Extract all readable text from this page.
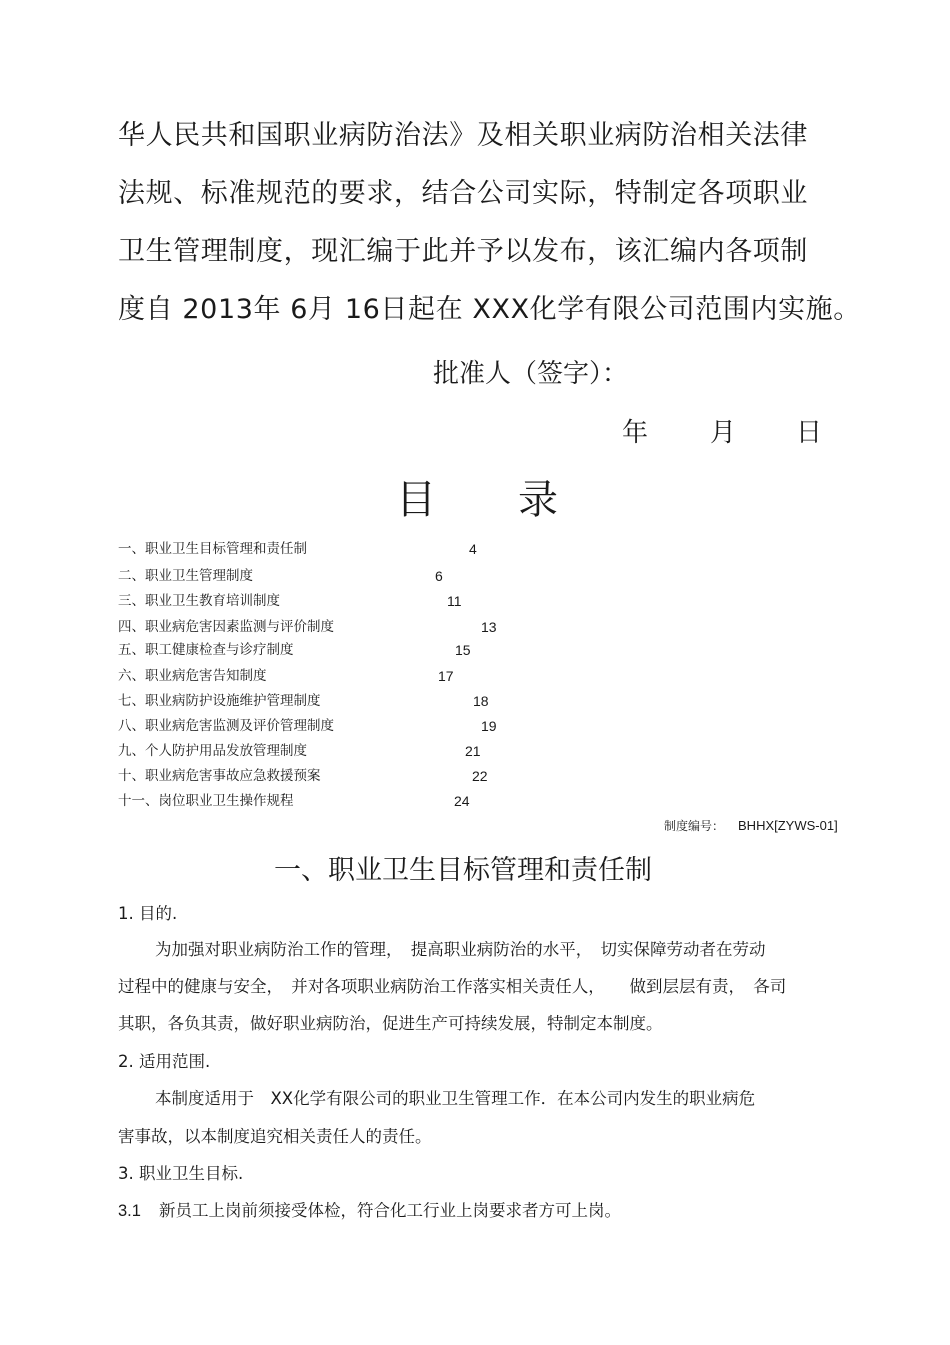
华人民共和国职业病防治法》及相关职业病防治相关法律
法规、标准规范的要求，结合公司实际，特制定各项职业
卫生管理制度，现汇编于此并予以发布，该汇编内各项制
度自 2013年 6月 16日起在 XXX化学有限公司范围内实施。
批准人（签字）：
年 月 日
目 录
一、职业卫生目标管理和责任制	4
二、职业卫生管理制度	6
三、职业卫生教育培训制度	11
四、职业病危害因素监测与评价制度	13
五、职工健康检查与诊疗制度	15
六、职业病危害告知制度	17
七、职业病防护设施维护管理制度	18
八、职业病危害监测及评价管理制度	19
九、个人防护用品发放管理制度	21
十、职业病危害事故应急救援预案	22
十一、岗位职业卫生操作规程	24
制度编号： BHHX[ZYWS-01]
一、职业卫生目标管理和责任制
1. 目的.
为加强对职业病防治工作的管理，　提高职业病防治的水平，　切实保障劳动者在劳动
过程中的健康与安全，　并对各项职业病防治工作落实相关责任人，　　做到层层有责，　各司
其职，各负其责，做好职业病防治，促进生产可持续发展，特制定本制度。
2. 适用范围.
本制度适用于　XX化学有限公司的职业卫生管理工作．在本公司内发生的职业病危
害事故，以本制度追究相关责任人的责任。
3. 职业卫生目标.
3.1 新员工上岗前须接受体检，符合化工行业上岗要求者方可上岗。
